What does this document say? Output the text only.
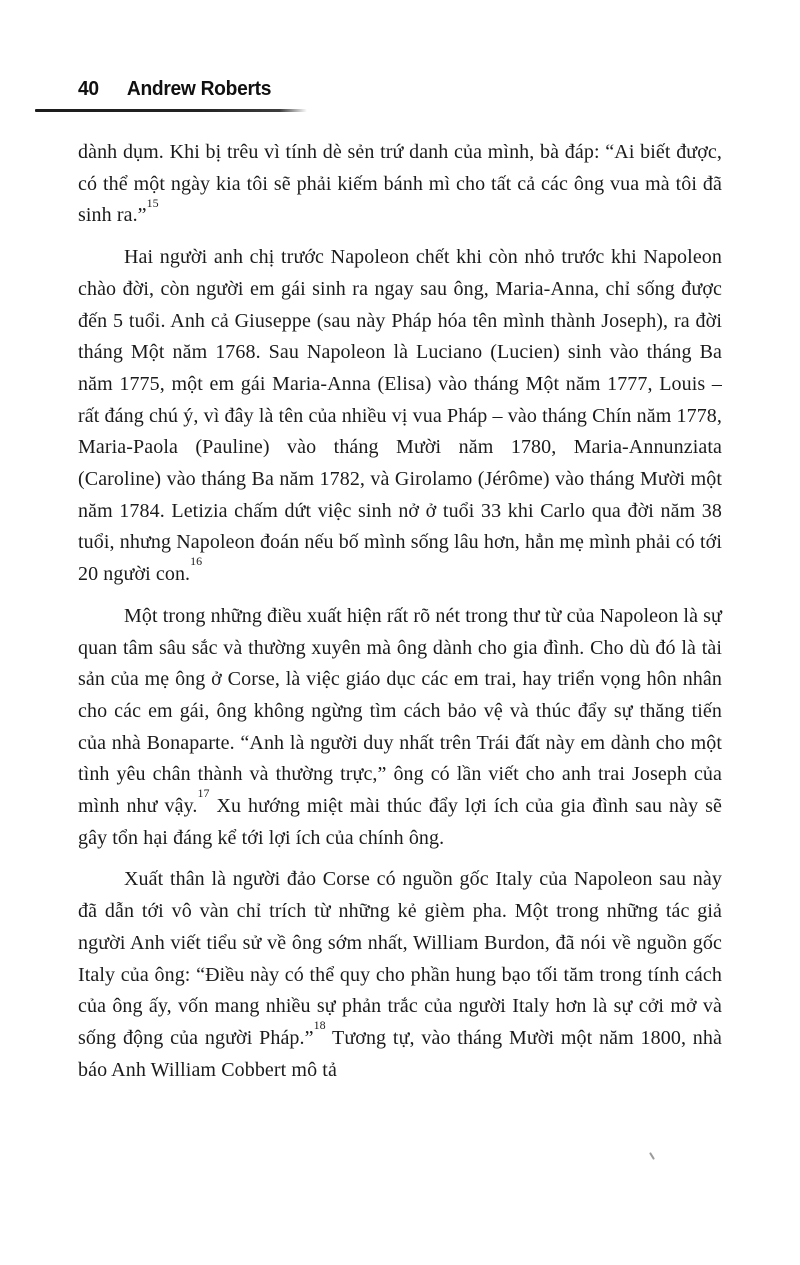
40 Andrew Roberts

dành dụm. Khi bị trêu vì tính dè sẻn trứ danh của mình, bà đáp: “Ai biết được, có thể một ngày kia tôi sẽ phải kiếm bánh mì cho tất cả các ông vua mà tôi đã sinh ra.”$^{15}$

Hai người anh chị trước Napoleon chết khi còn nhỏ trước khi Napoleon chào đời, còn người em gái sinh ra ngay sau ông, Maria-Anna, chỉ sống được đến 5 tuổi. Anh cả Giuseppe (sau này Pháp hóa tên mình thành Joseph), ra đời tháng Một năm 1768. Sau Napoleon là Luciano (Lucien) sinh vào tháng Ba năm 1775, một em gái Maria-Anna (Elisa) vào tháng Một năm 1777, Louis – rất đáng chú ý, vì đây là tên của nhiều vị vua Pháp – vào tháng Chín năm 1778, Maria-Paola (Pauline) vào tháng Mười năm 1780, Maria-Annunziata (Caroline) vào tháng Ba năm 1782, và Girolamo (Jérôme) vào tháng Mười một năm 1784. Letizia chấm dứt việc sinh nở ở tuổi 33 khi Carlo qua đời năm 38 tuổi, nhưng Napoleon đoán nếu bố mình sống lâu hơn, hẳn mẹ mình phải có tới 20 người con.$^{16}$

Một trong những điều xuất hiện rất rõ nét trong thư từ của Napoleon là sự quan tâm sâu sắc và thường xuyên mà ông dành cho gia đình. Cho dù đó là tài sản của mẹ ông ở Corse, là việc giáo dục các em trai, hay triển vọng hôn nhân cho các em gái, ông không ngừng tìm cách bảo vệ và thúc đẩy sự thăng tiến của nhà Bonaparte. “Anh là người duy nhất trên Trái đất này em dành cho một tình yêu chân thành và thường trực,” ông có lần viết cho anh trai Joseph của mình như vậy.$^{17}$ Xu hướng miệt mài thúc đẩy lợi ích của gia đình sau này sẽ gây tổn hại đáng kể tới lợi ích của chính ông.

Xuất thân là người đảo Corse có nguồn gốc Italy của Napoleon sau này đã dẫn tới vô vàn chỉ trích từ những kẻ gièm pha. Một trong những tác giả người Anh viết tiểu sử về ông sớm nhất, William Burdon, đã nói về nguồn gốc Italy của ông: “Điều này có thể quy cho phần hung bạo tối tăm trong tính cách của ông ấy, vốn mang nhiều sự phản trắc của người Italy hơn là sự cởi mở và sống động của người Pháp.”$^{18}$ Tương tự, vào tháng Mười một năm 1800, nhà báo Anh William Cobbert mô tả
